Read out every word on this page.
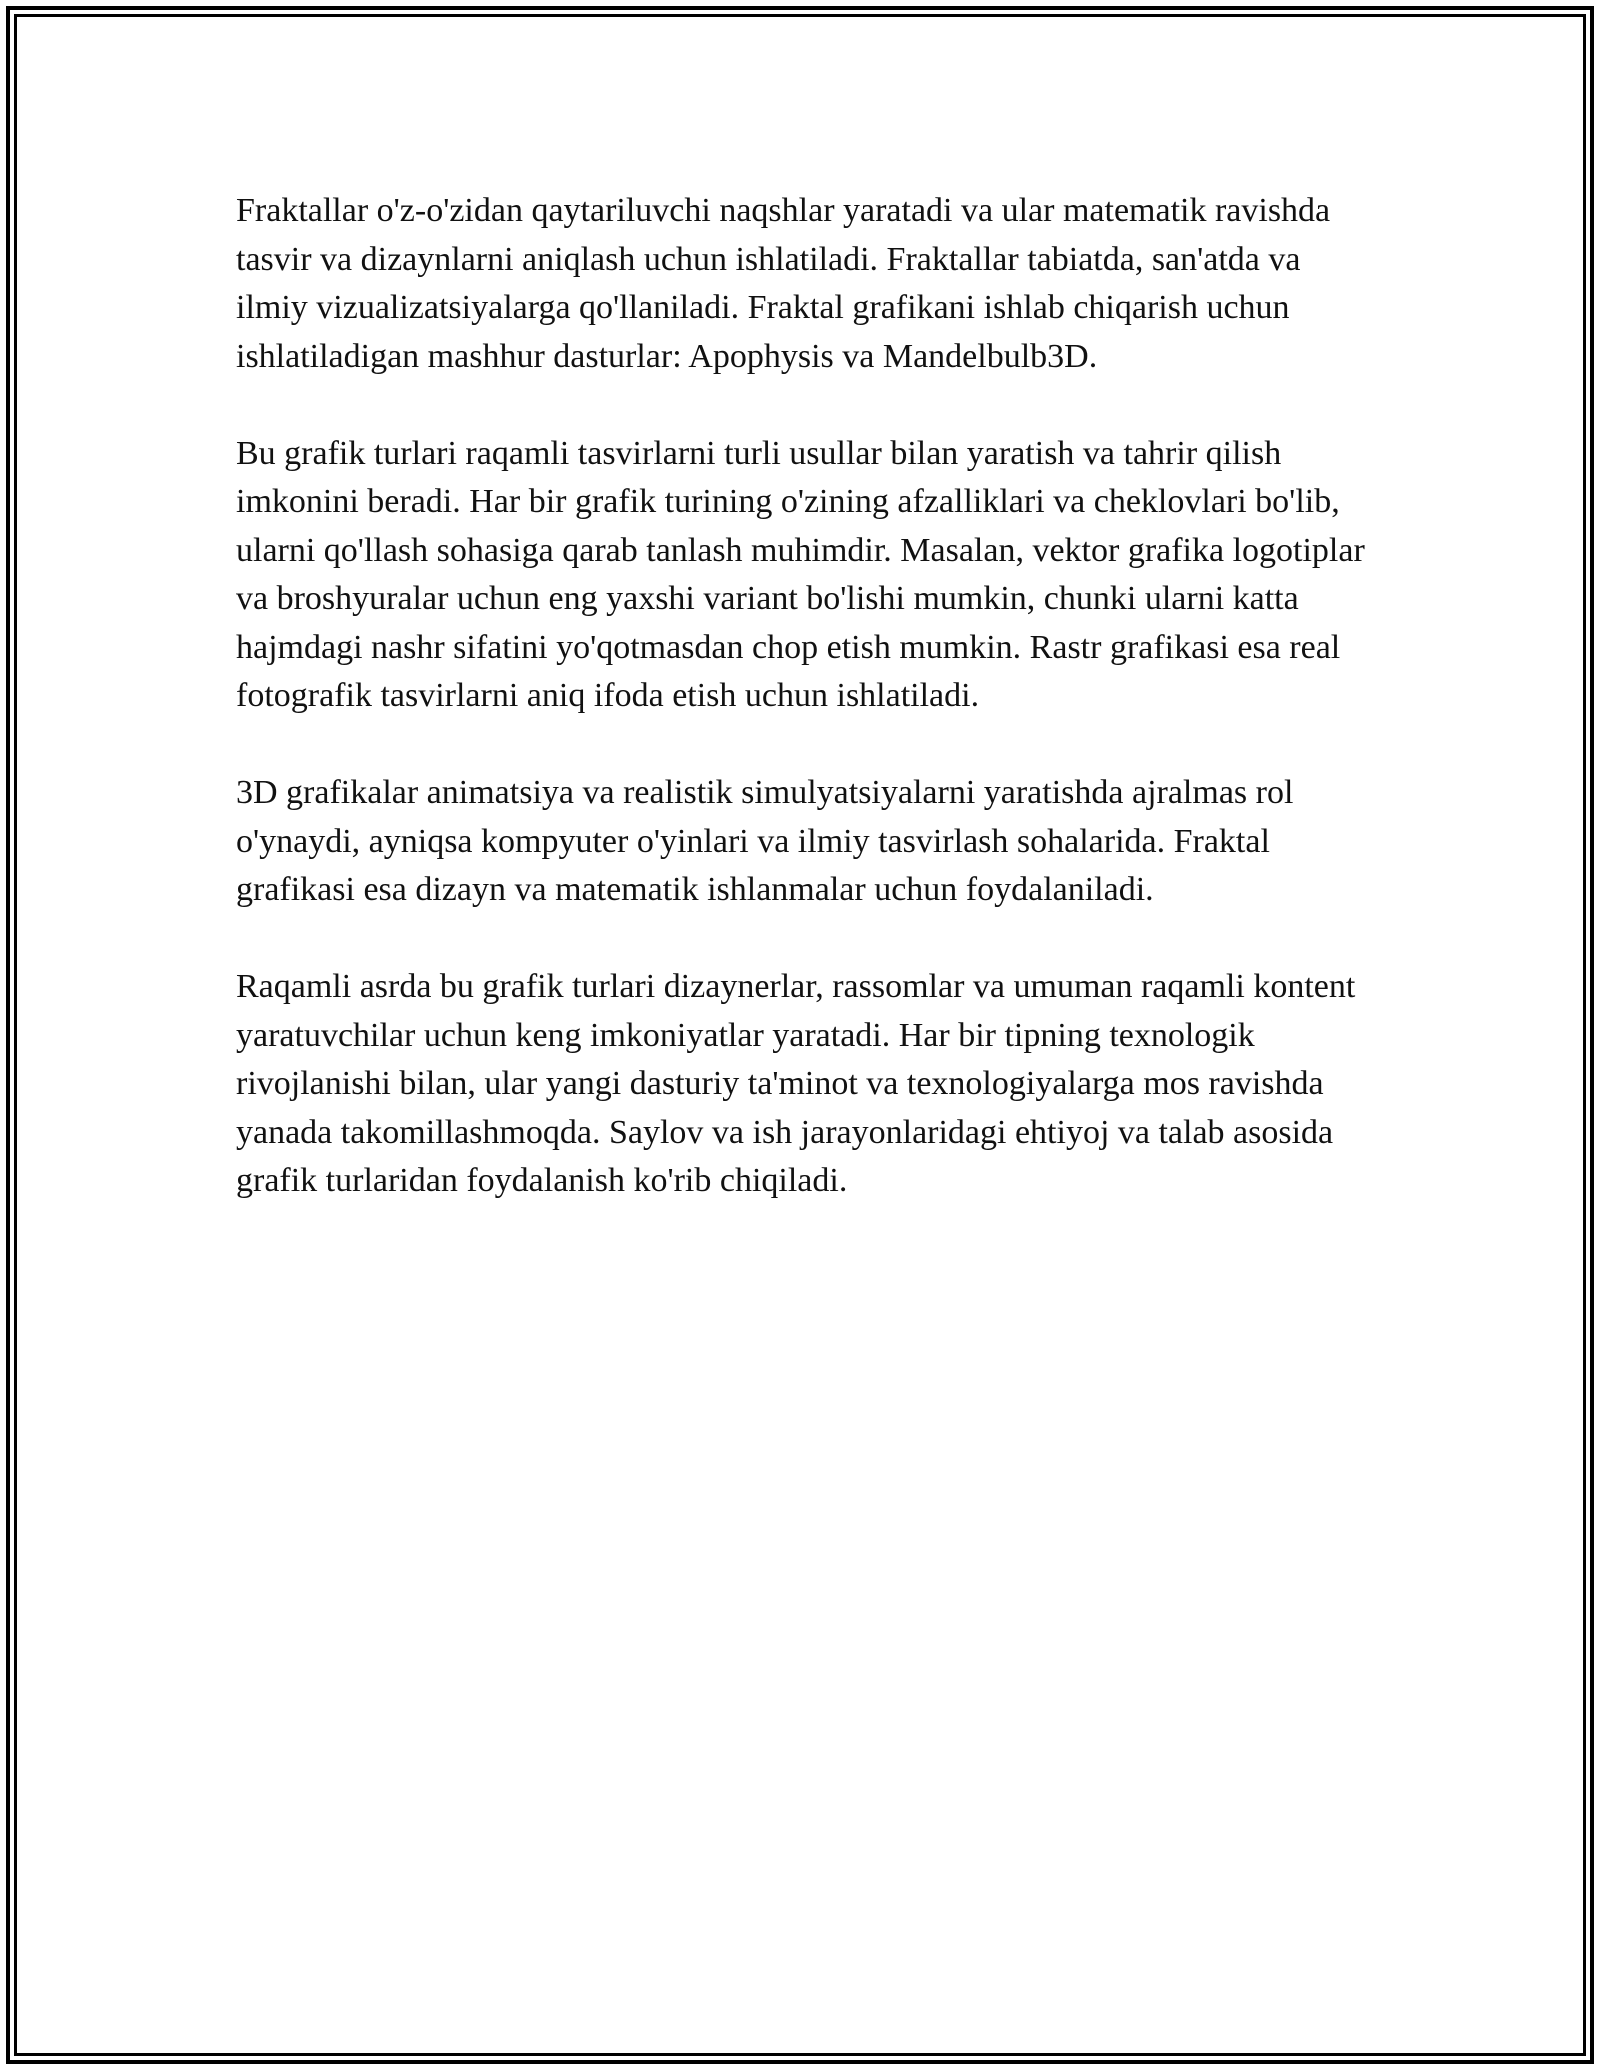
Fraktallar o'z-o'zidan qaytariluvchi naqshlar yaratadi va ular matematik ravishda tasvir va dizaynlarni aniqlash uchun ishlatiladi. Fraktallar tabiatda, san'atda va ilmiy vizualizatsiyalarga qo'llaniladi. Fraktal grafikani ishlab chiqarish uchun ishlatiladigan mashhur dasturlar: Apophysis va Mandelbulb3D.

Bu grafik turlari raqamli tasvirlarni turli usullar bilan yaratish va tahrir qilish imkonini beradi. Har bir grafik turining o'zining afzalliklari va cheklovlari bo'lib, ularni qo'llash sohasiga qarab tanlash muhimdir. Masalan, vektor grafika logotiplar va broshyuralar uchun eng yaxshi variant bo'lishi mumkin, chunki ularni katta hajmdagi nashr sifatini yo'qotmasdan chop etish mumkin. Rastr grafikasi esa real fotografik tasvirlarni aniq ifoda etish uchun ishlatiladi.

3D grafikalar animatsiya va realistik simulyatsiyalarni yaratishda ajralmas rol o'ynaydi, ayniqsa kompyuter o'yinlari va ilmiy tasvirlash sohalarida. Fraktal grafikasi esa dizayn va matematik ishlanmalar uchun foydalaniladi.

Raqamli asrda bu grafik turlari dizaynerlar, rassomlar va umuman raqamli kontent yaratuvchilar uchun keng imkoniyatlar yaratadi. Har bir tipning texnologik rivojlanishi bilan, ular yangi dasturiy ta'minot va texnologiyalarga mos ravishda yanada takomillashmoqda. Saylov va ish jarayonlaridagi ehtiyoj va talab asosida grafik turlaridan foydalanish ko'rib chiqiladi.
